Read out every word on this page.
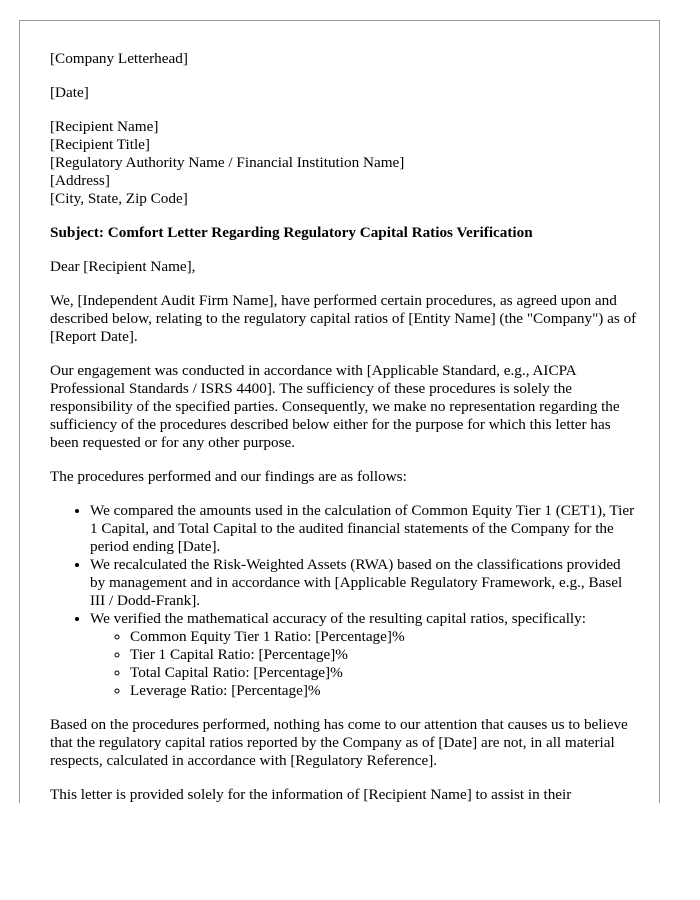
[Company Letterhead]

[Date]

[Recipient Name]
[Recipient Title]
[Regulatory Authority Name / Financial Institution Name]
[Address]
[City, State, Zip Code]

Subject: Comfort Letter Regarding Regulatory Capital Ratios Verification

Dear [Recipient Name],

We, [Independent Audit Firm Name], have performed certain procedures, as agreed upon and described below, relating to the regulatory capital ratios of [Entity Name] (the "Company") as of [Report Date].

Our engagement was conducted in accordance with [Applicable Standard, e.g., AICPA Professional Standards / ISRS 4400]. The sufficiency of these procedures is solely the responsibility of the specified parties. Consequently, we make no representation regarding the sufficiency of the procedures described below either for the purpose for which this letter has been requested or for any other purpose.

The procedures performed and our findings are as follows:

• We compared the amounts used in the calculation of Common Equity Tier 1 (CET1), Tier 1 Capital, and Total Capital to the audited financial statements of the Company for the period ending [Date].
• We recalculated the Risk-Weighted Assets (RWA) based on the classifications provided by management and in accordance with [Applicable Regulatory Framework, e.g., Basel III / Dodd-Frank].
• We verified the mathematical accuracy of the resulting capital ratios, specifically:
◦ Common Equity Tier 1 Ratio: [Percentage]%
◦ Tier 1 Capital Ratio: [Percentage]%
◦ Total Capital Ratio: [Percentage]%
◦ Leverage Ratio: [Percentage]%

Based on the procedures performed, nothing has come to our attention that causes us to believe that the regulatory capital ratios reported by the Company as of [Date] are not, in all material respects, calculated in accordance with [Regulatory Reference].

This letter is provided solely for the information of [Recipient Name] to assist in their
